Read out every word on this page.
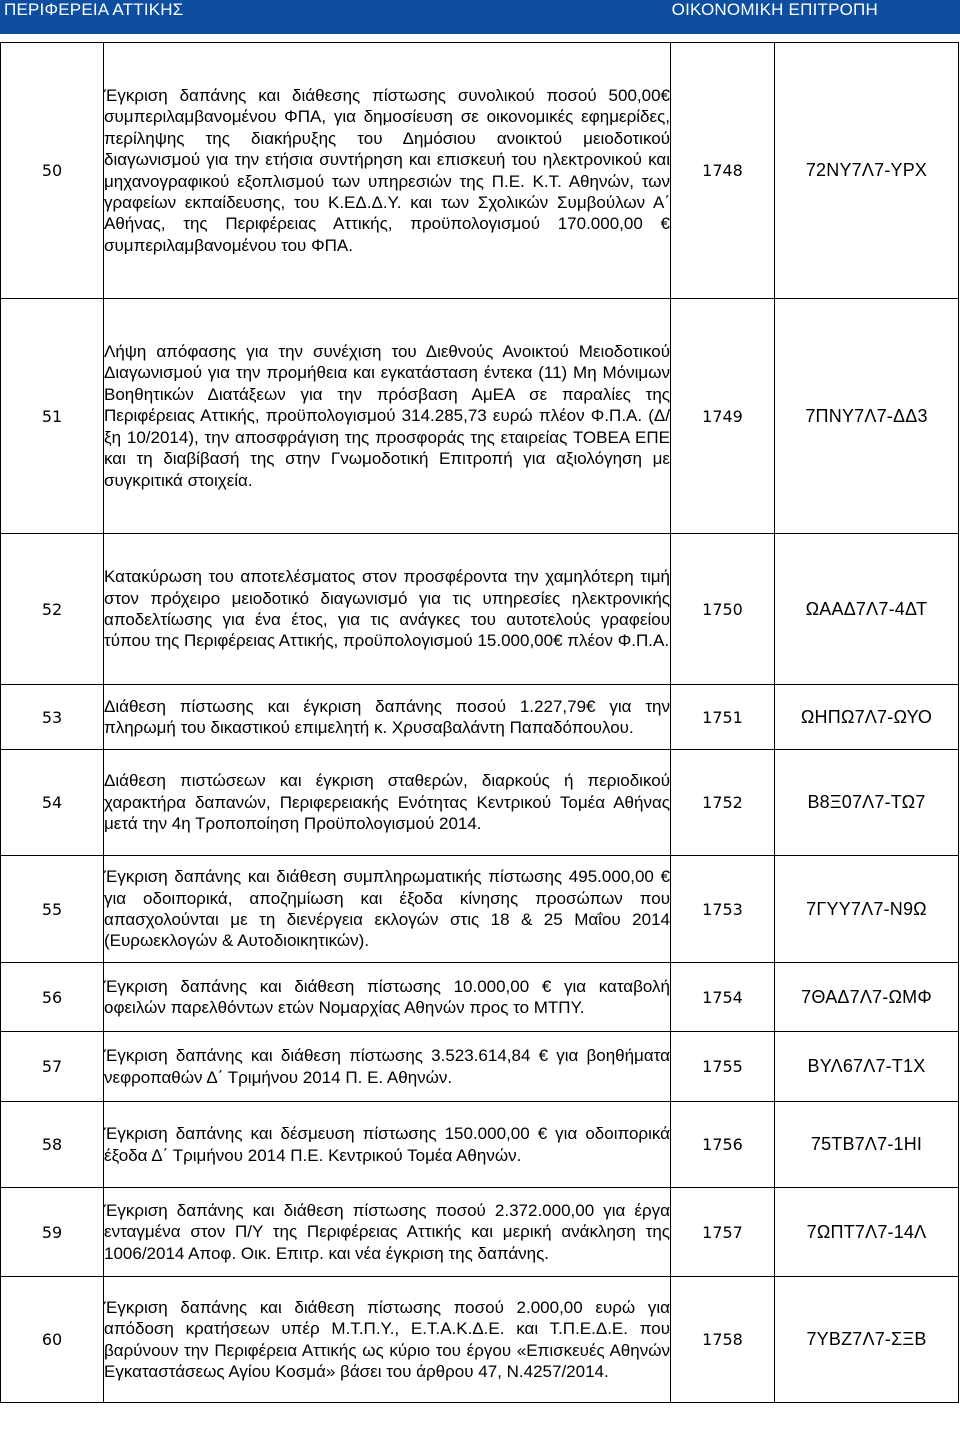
ΠΕΡΙΦΕΡΕΙΑ ΑΤΤΙΚΗΣ	ΟΙΚΟΝΟΜΙΚΗ ΕΠΙΤΡΟΠΗ
50	Έγκριση δαπάνης και διάθεσης πίστωσης συνολικού ποσού 500,00€ συμπεριλαμβανομένου ΦΠΑ, για δημοσίευση σε οικονομικές εφημερίδες, περίληψης της διακήρυξης του Δημόσιου ανοικτού μειοδοτικού διαγωνισμού για την ετήσια συντήρηση και επισκευή του ηλεκτρονικού και μηχανογραφικού εξοπλισμού των υπηρεσιών της Π.Ε. Κ.Τ. Αθηνών, των γραφείων εκπαίδευσης, του Κ.ΕΔ.Δ.Υ. και των Σχολικών Συμβούλων Α΄ Αθήνας, της Περιφέρειας Αττικής, προϋπολογισμού 170.000,00 € συμπεριλαμβανομένου του ΦΠΑ.	1748	72ΝΥ7Λ7-ΥΡΧ
51	Λήψη απόφασης για την συνέχιση του Διεθνούς Ανοικτού Μειοδοτικού Διαγωνισμού για την προμήθεια και εγκατάσταση έντεκα (11) Μη Μόνιμων Βοηθητικών Διατάξεων για την πρόσβαση ΑμΕΑ σε παραλίες της Περιφέρειας Αττικής, προϋπολογισμού 314.285,73 ευρώ πλέον Φ.Π.Α. (Δ/ξη 10/2014), την αποσφράγιση της προσφοράς της εταιρείας ΤΟΒΕΑ ΕΠΕ και τη διαβίβασή της στην Γνωμοδοτική Επιτροπή για αξιολόγηση με συγκριτικά στοιχεία.	1749	7ΠΝΥ7Λ7-ΔΔ3
52	Κατακύρωση του αποτελέσματος στον προσφέροντα την χαμηλότερη τιμή στον πρόχειρο μειοδοτικό διαγωνισμό για τις υπηρεσίες ηλεκτρονικής αποδελτίωσης για ένα έτος, για τις ανάγκες του αυτοτελούς γραφείου τύπου της Περιφέρειας Αττικής, προϋπολογισμού 15.000,00€ πλέον Φ.Π.Α.	1750	ΩΑΑΔ7Λ7-4ΔΤ
53	Διάθεση πίστωσης και έγκριση δαπάνης ποσού 1.227,79€ για την πληρωμή του δικαστικού επιμελητή κ. Χρυσαβαλάντη Παπαδόπουλου.	1751	ΩΗΠΩ7Λ7-ΩΥΟ
54	Διάθεση πιστώσεων και έγκριση σταθερών, διαρκούς ή περιοδικού χαρακτήρα δαπανών, Περιφερειακής Ενότητας Κεντρικού Τομέα Αθήνας μετά την 4η Τροποποίηση Προϋπολογισμού 2014.	1752	Β8Ξ07Λ7-ΤΩ7
55	Έγκριση δαπάνης και διάθεση συμπληρωματικής πίστωσης 495.000,00 € για οδοιπορικά, αποζημίωση και έξοδα κίνησης προσώπων που απασχολούνται με τη διενέργεια εκλογών στις 18 & 25 Μαΐου 2014 (Ευρωεκλογών & Αυτοδιοικητικών).	1753	7ΓΥΥ7Λ7-Ν9Ω
56	Έγκριση δαπάνης και διάθεση πίστωσης 10.000,00 € για καταβολή οφειλών παρελθόντων ετών Νομαρχίας Αθηνών προς το ΜΤΠΥ.	1754	7ΘΑΔ7Λ7-ΩΜΦ
57	Έγκριση δαπάνης και διάθεση πίστωσης 3.523.614,84 € για βοηθήματα νεφροπαθών Δ΄ Τριμήνου 2014 Π. Ε. Αθηνών.	1755	ΒΥΛ67Λ7-Τ1Χ
58	Έγκριση δαπάνης και δέσμευση πίστωσης 150.000,00 € για οδοιπορικά έξοδα Δ΄ Τριμήνου 2014 Π.Ε. Κεντρικού Τομέα Αθηνών.	1756	75ΤΒ7Λ7-1ΗΙ
59	Έγκριση δαπάνης και διάθεση πίστωσης ποσού 2.372.000,00 για έργα ενταγμένα στον Π/Υ της Περιφέρειας Αττικής και μερική ανάκληση της 1006/2014 Αποφ. Οικ. Επιτρ. και νέα έγκριση της δαπάνης.	1757	7ΩΠΤ7Λ7-14Λ
60	Έγκριση δαπάνης και διάθεση πίστωσης ποσού 2.000,00 ευρώ για απόδοση κρατήσεων υπέρ Μ.Τ.Π.Υ., Ε.Τ.Α.Κ.Δ.Ε. και Τ.Π.Ε.Δ.Ε. που βαρύνουν την Περιφέρεια Αττικής ως κύριο του έργου «Επισκευές Αθηνών Εγκαταστάσεως Αγίου Κοσμά» βάσει του άρθρου 47, Ν.4257/2014.	1758	7ΥΒΖ7Λ7-ΣΞΒ
